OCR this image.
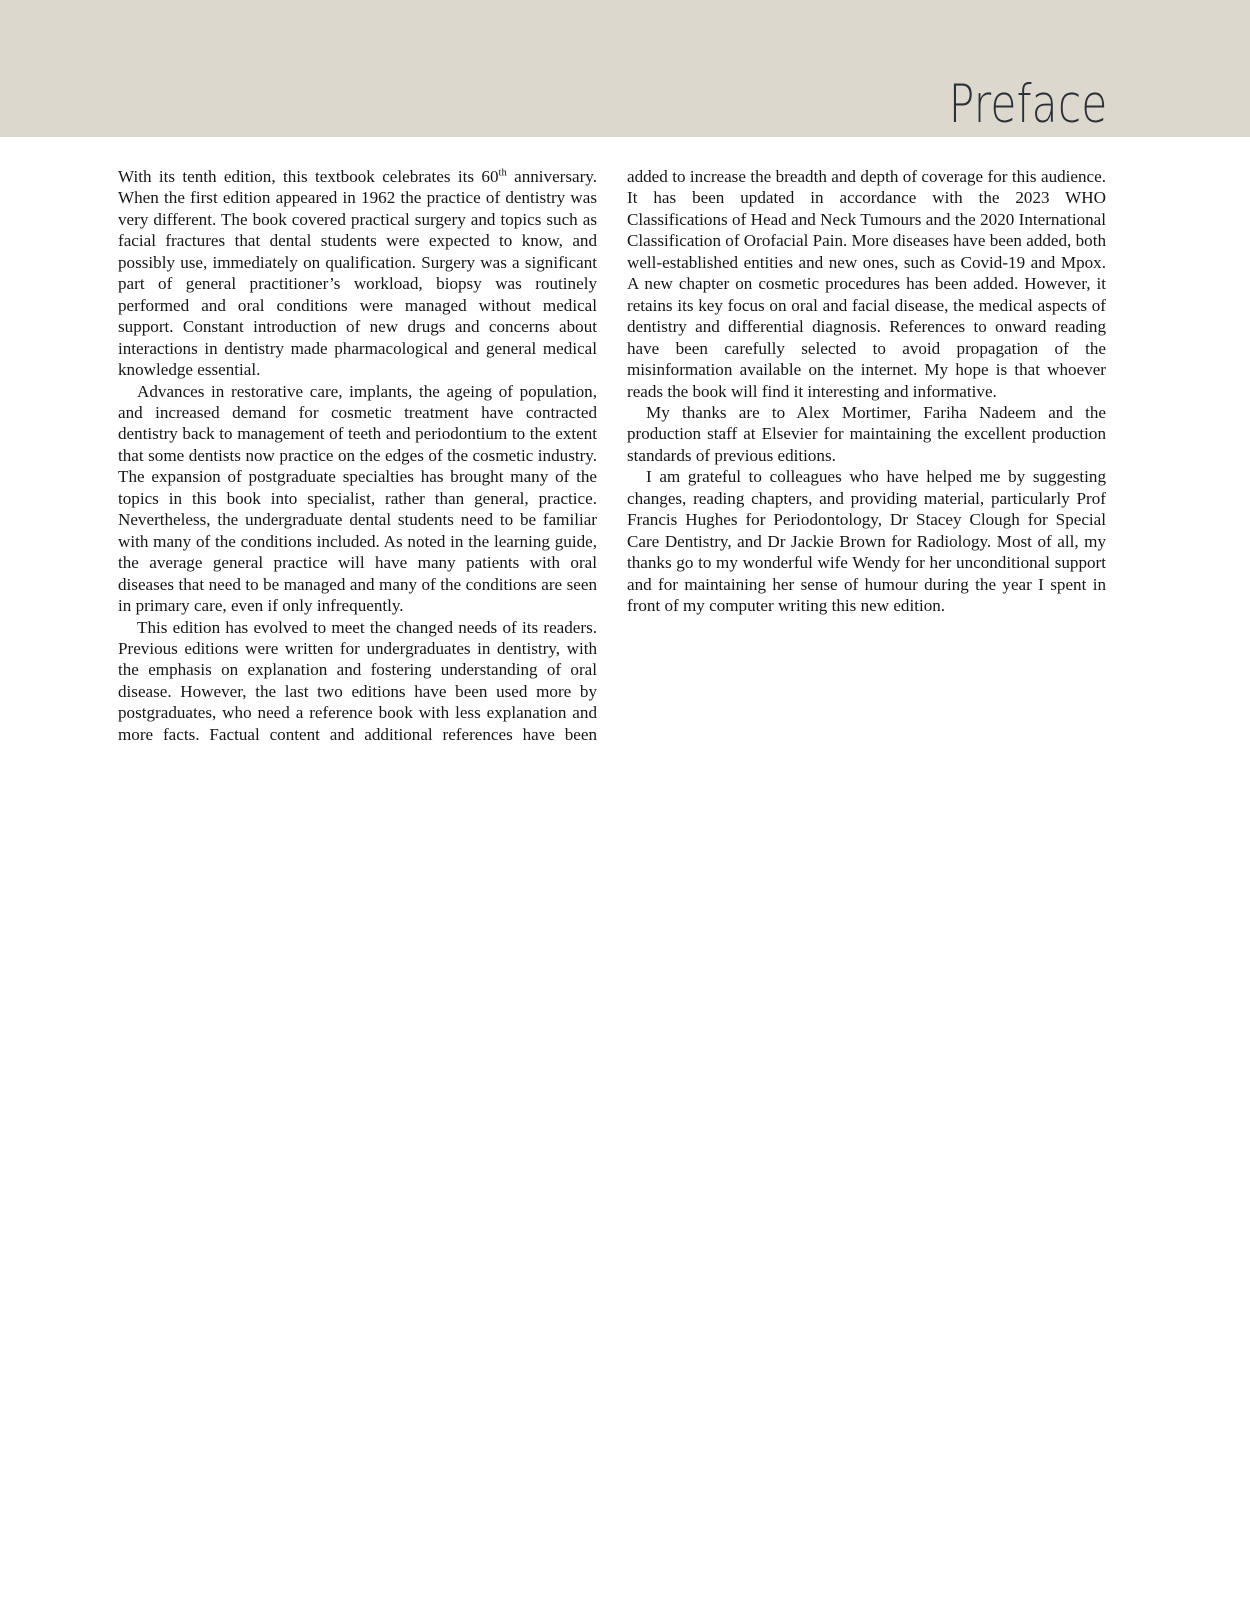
Preface

With its tenth edition, this textbook celebrates its 60th anniversary. When the first edition appeared in 1962 the practice of dentistry was very different. The book covered practical surgery and topics such as facial fractures that dental students were expected to know, and possibly use, immediately on qualification. Surgery was a significant part of general practitioner’s workload, biopsy was routinely performed and oral conditions were managed without medical support. Constant introduction of new drugs and concerns about interactions in dentistry made pharmacological and general medical knowledge essential.

Advances in restorative care, implants, the ageing of population, and increased demand for cosmetic treatment have contracted dentistry back to management of teeth and periodontium to the extent that some dentists now practice on the edges of the cosmetic industry. The expansion of postgraduate specialties has brought many of the topics in this book into specialist, rather than general, practice. Nevertheless, the undergraduate dental students need to be familiar with many of the conditions included. As noted in the learning guide, the average general practice will have many patients with oral diseases that need to be managed and many of the conditions are seen in primary care, even if only infrequently.

This edition has evolved to meet the changed needs of its readers. Previous editions were written for undergraduates in dentistry, with the emphasis on explanation and fostering understanding of oral disease. However, the last two editions have been used more by postgraduates, who need a reference book with less explanation and more facts. Factual content and additional references have been added to increase the breadth and depth of coverage for this audience. It has been updated in accordance with the 2023 WHO Classifications of Head and Neck Tumours and the 2020 International Classification of Orofacial Pain. More diseases have been added, both well-established entities and new ones, such as Covid-19 and Mpox. A new chapter on cosmetic procedures has been added. However, it retains its key focus on oral and facial disease, the medical aspects of dentistry and differential diagnosis. References to onward reading have been carefully selected to avoid propagation of the misinformation available on the internet. My hope is that whoever reads the book will find it interesting and informative.

My thanks are to Alex Mortimer, Fariha Nadeem and the production staff at Elsevier for maintaining the excellent production standards of previous editions.

I am grateful to colleagues who have helped me by suggesting changes, reading chapters, and providing material, particularly Prof Francis Hughes for Periodontology, Dr Stacey Clough for Special Care Dentistry, and Dr Jackie Brown for Radiology. Most of all, my thanks go to my wonderful wife Wendy for her unconditional support and for maintaining her sense of humour during the year I spent in front of my computer writing this new edition.
